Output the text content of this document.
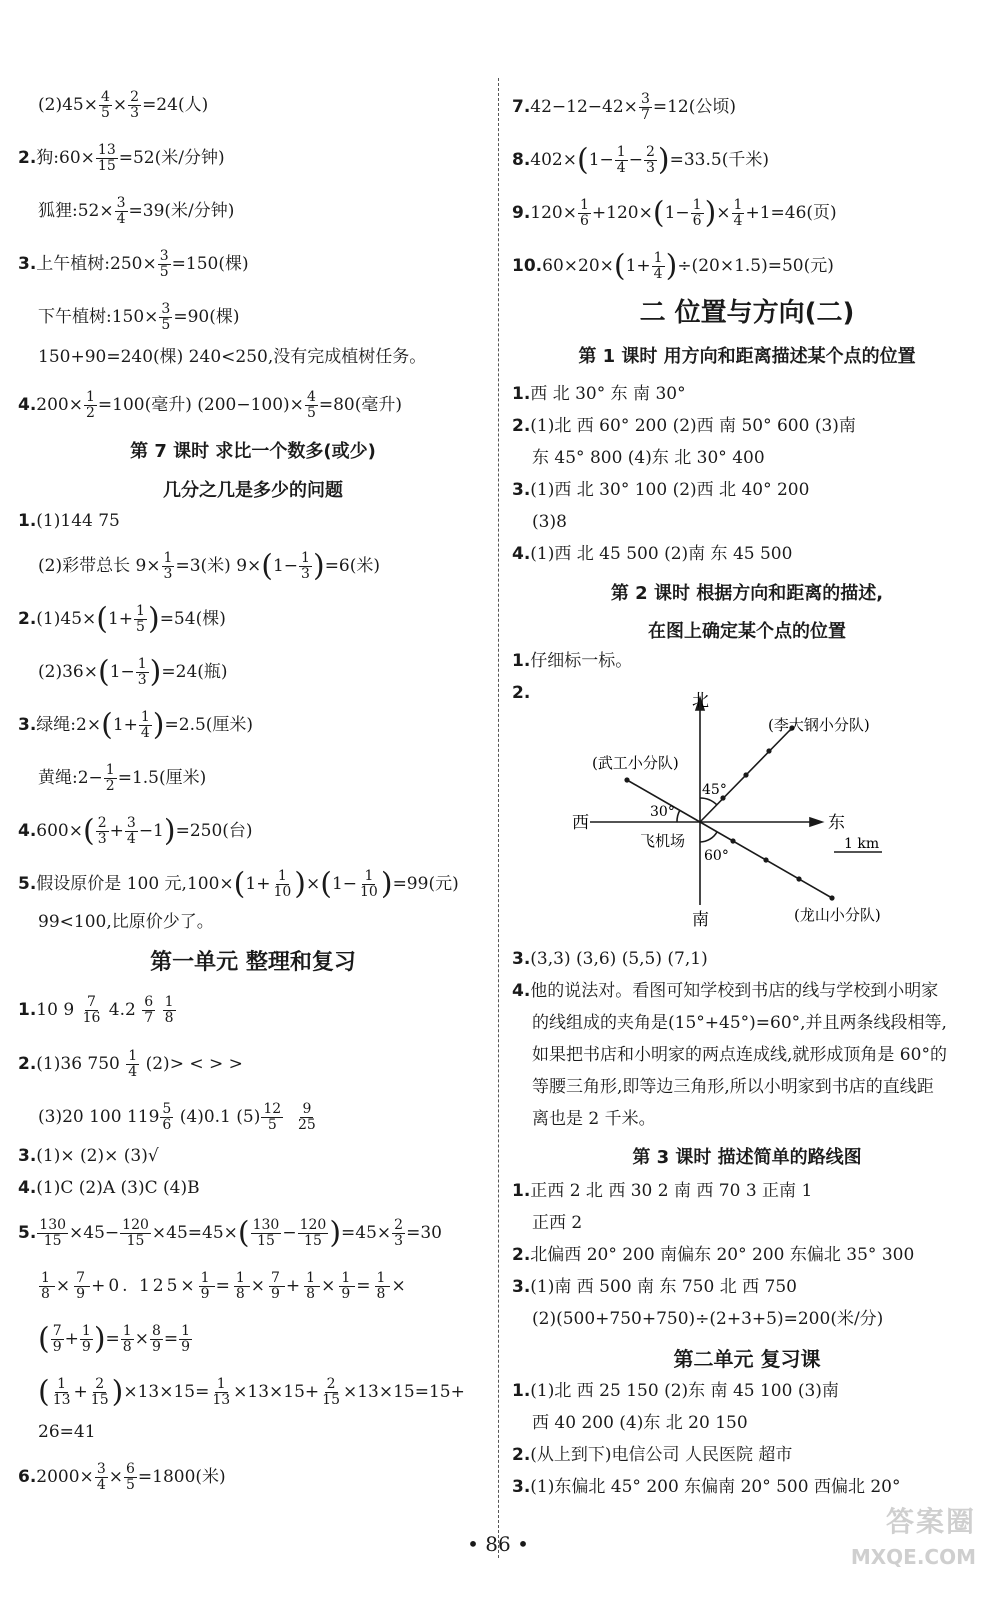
$(2)45\times \frac{4}{5} \times \frac{2}{3} =24$(人)
2.狗:60× $\frac{13}{15} =52$(米/分钟)
狐狸:52× $\frac{3}{4} =39$(米/分钟)
3.上午植树:250× $\frac{3}{5} =150$(棵)
下午植树:150× $\frac{3}{5} =90$(棵)
150+90=240(棵) 240<250,没有完成植树任务。
$4.200\times \frac{1}{2} =100$(毫升) $(200-100)\times \frac{4}{5} =80$(毫升)
第 7 课时 求比一个数多(或少)
几分之几是多少的问题
1.(1)144 75
(2)彩带总长 $9\times \frac{1}{3} =3$(米) $9\times(1- \frac{1}{3} )=6$(米)
$2.(1)45\times(1+ \frac{1}{5} )=54$(棵)
$(2)36\times(1- \frac{1}{3} )=24$(瓶)
3.绿绳:2×(1+ $\frac{1}{4} )=2.5$(厘米)
黄绳:2− $\frac{1}{2} =1.5$(厘米)
$4.600\times( \frac{2}{3} + \frac{3}{4} -1)=250$(台)
5.假设原价是 100 元$,100\times(1+ \frac{1}{10} )\times(1- \frac{1}{10} )=99$(元)
99<100,比原价少了。
第一单元 整理和复习
1.10 $9 \frac{7}{16} 4.2 \frac{6}{7}$
$\frac{1}{8}$
2.(1)36 $750 \frac{1}{4} (2)>$ < > >
(3)20 100 $119 \frac{5}{6} (4)0.1$ $(5) \frac{12}{5}$
$\frac{9}{25}$
3.(1)× (2)× (3)√
4.(1)C (2)A (3)C (4)B
5. $\frac{130}{15} \times 45- \frac{120}{15} \times 45=45\times( \frac{130}{15} - \frac{120}{15} )=45\times \frac{2}{3} =30$
$\frac{1}{8} \times \frac{7}{9} +0$. $125\times \frac{1}{9} = \frac{1}{8} \times \frac{7}{9} + \frac{1}{8} \times \frac{1}{9} = \frac{1}{8}$ ×
( $\frac{7}{9} + \frac{1}{9}$ )= $\frac{1}{8} \times \frac{8}{9} = \frac{1}{9}$
( $\frac{1}{13} + \frac{2}{15} )\times 13\times 15= \frac{1}{13} \times 13\times 15+ \frac{2}{15} \times 13\times 15=15+$
26=41
$6.2000\times \frac{3}{4} \times \frac{6}{5} =1800$(米)
$7.42-12-42\times \frac{3}{7} =12$(公顷)
$8.402\times(1- \frac{1}{4} - \frac{2}{3} )=33.5$(千米)
$9.120\times \frac{1}{6} +120\times(1- \frac{1}{6}$ )× $\frac{1}{4} +1=46$(页)
$10.60\times 20\times(1+ \frac{1}{4} )\div(20\times 1.5)=50$(元)
二 位置与方向(二)
第 1 课时 用方向和距离描述某个点的位置
1.西 北 30° 东 南 30°
2.(1)北 西 60° 200 (2)西 南 50° 600 (3)南
东 45° 800 (4)东 北 30° 400
3.(1)西 北 30° 100 (2)西 北 40° 200
(3)8
4.(1)西 北 45 500 (2)南 东 45 500
第 2 课时 根据方向和距离的描述,
在图上确定某个点的位置
1.仔细标一标。
2.	北
南
东
西
飞机场
(李大钢小分队)
(武工小分队)
(龙山小分队)
45°
30°
60°
1 km
3.(3,3) (3,6) (5,5) (7,1)
4.他的说法对。看图可知学校到书店的线与学校到小明家
的线组成的夹角是(15°+45°)=60°,并且两条线段相等,
如果把书店和小明家的两点连成线,就形成顶角是 60°的
等腰三角形,即等边三角形,所以小明家到书店的直线距
离也是 2 千米。
第 3 课时 描述简单的路线图
1.正西 2 北 西 30 2 南 西 70 3 正南 1
正西 2
2.北偏西 20° 200 南偏东 20° 200 东偏北 35° 300
3.(1)南 西 500 南 东 750 北 西 750
(2)(500+750+750)÷(2+3+5)=200(米/分)
第二单元 复习课
1.(1)北 西 25 150 (2)东 南 45 100 (3)南
西 40 200 (4)东 北 20 150
2.(从上到下)电信公司 人民医院 超市
3.(1)东偏北 45° 200 东偏南 20° 500 西偏北 20°
• 86 •
答案圈
MXQE.COM
